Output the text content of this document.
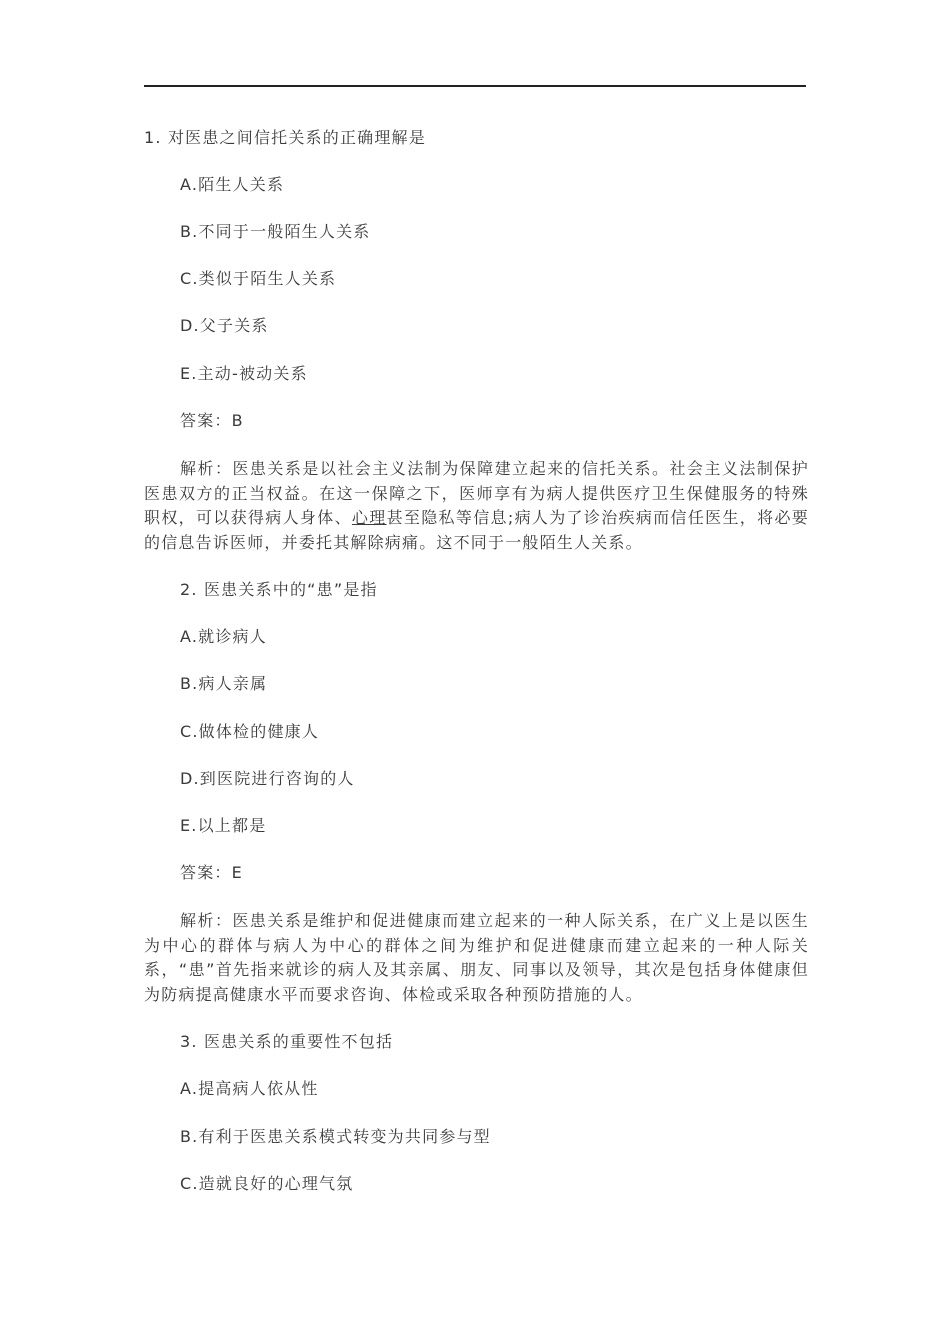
1. 对医患之间信托关系的正确理解是
A.陌生人关系
B.不同于一般陌生人关系
C.类似于陌生人关系
D.父子关系
E.主动-被动关系
答案：B
解析：医患关系是以社会主义法制为保障建立起来的信托关系。社会主义法制保护医患双方的正当权益。在这一保障之下，医师享有为病人提供医疗卫生保健服务的特殊职权，可以获得病人身体、心理甚至隐私等信息;病人为了诊治疾病而信任医生，将必要的信息告诉医师，并委托其解除病痛。这不同于一般陌生人关系。
2. 医患关系中的“患”是指
A.就诊病人
B.病人亲属
C.做体检的健康人
D.到医院进行咨询的人
E.以上都是
答案：E
解析：医患关系是维护和促进健康而建立起来的一种人际关系，在广义上是以医生为中心的群体与病人为中心的群体之间为维护和促进健康而建立起来的一种人际关系，“患”首先指来就诊的病人及其亲属、朋友、同事以及领导，其次是包括身体健康但为防病提高健康水平而要求咨询、体检或采取各种预防措施的人。
3. 医患关系的重要性不包括
A.提高病人依从性
B.有利于医患关系模式转变为共同参与型
C.造就良好的心理气氛
